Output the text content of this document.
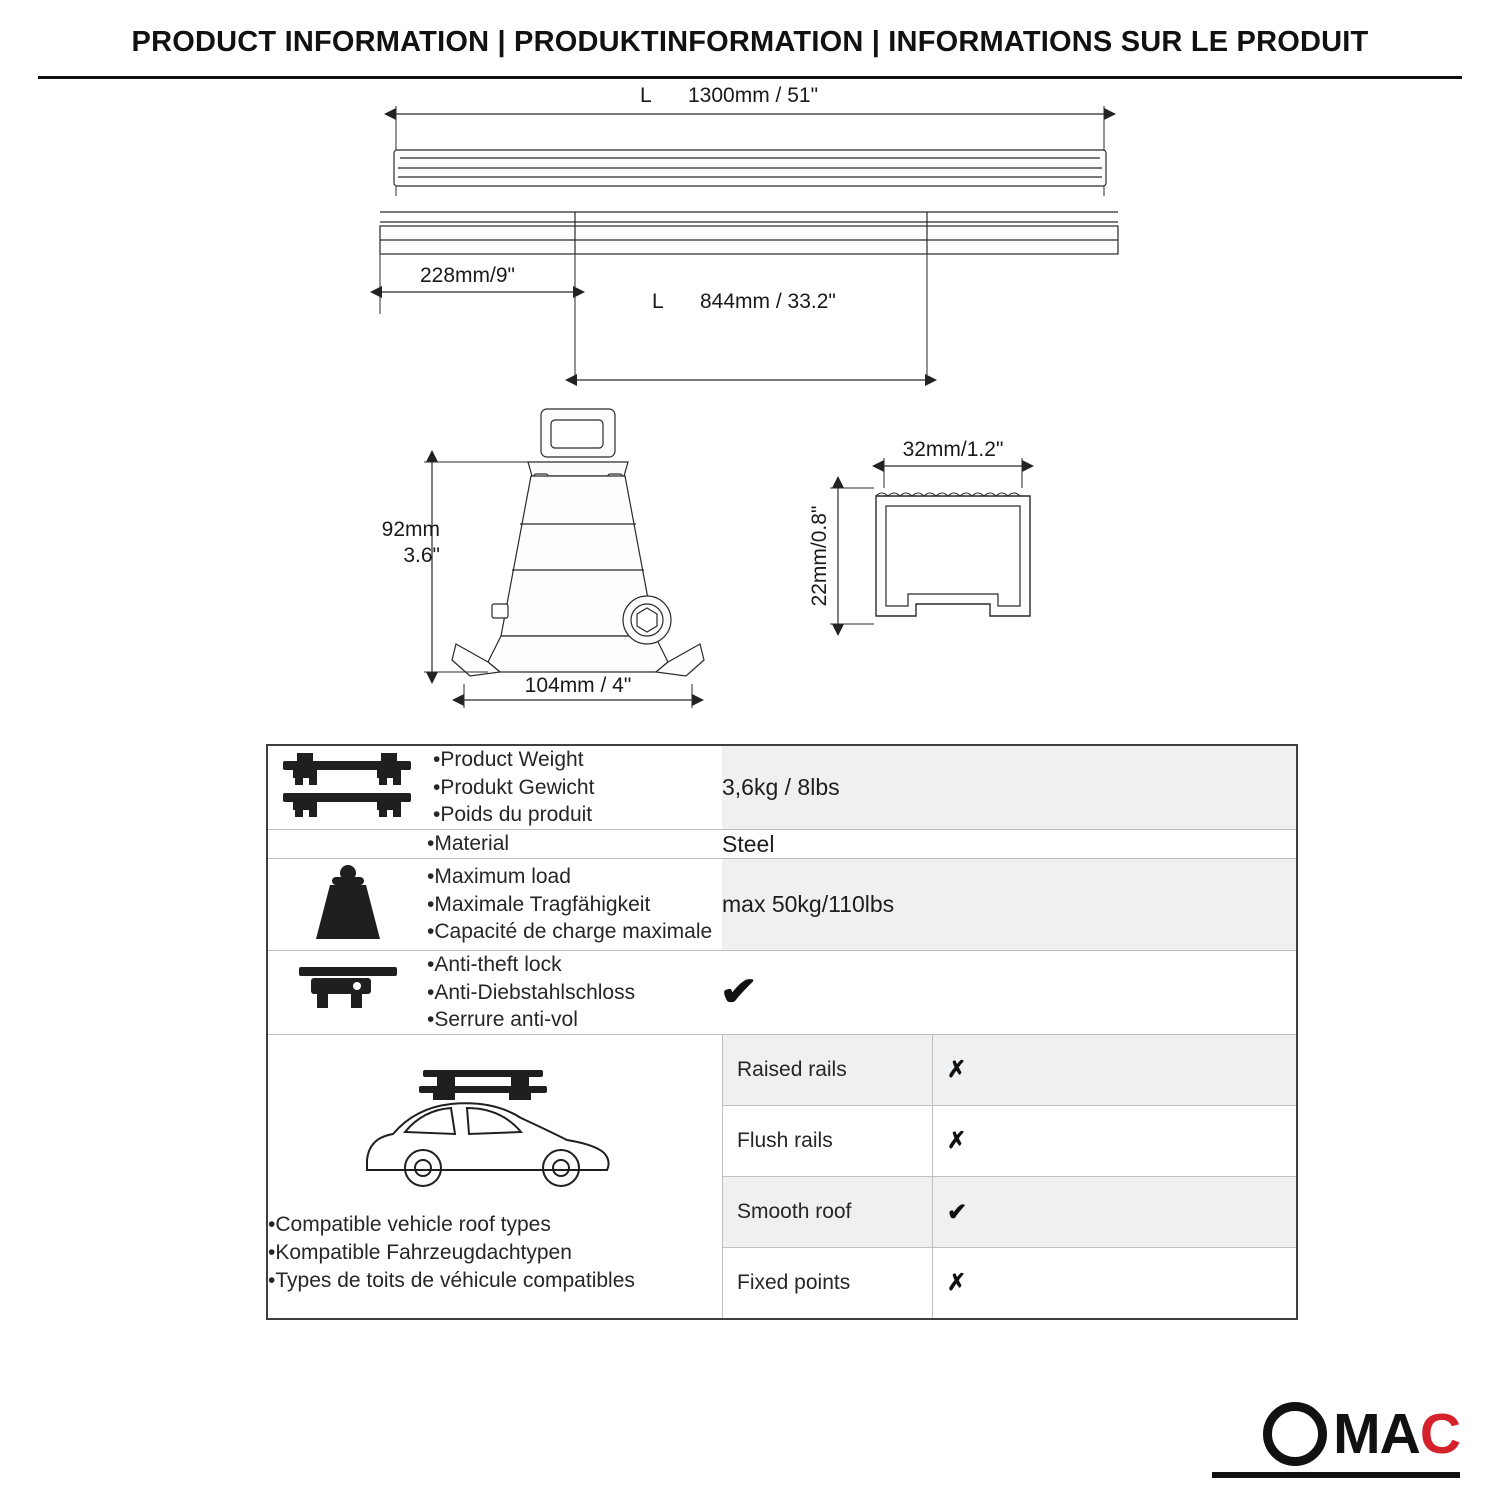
PRODUCT INFORMATION | PRODUKTINFORMATION | INFORMATIONS SUR LE PRODUIT
L 1300mm / 51"
228mm/9"
L 844mm / 33.2"
92mm
3.6"
104mm / 4"
32mm/1.2"
22mm/0.8"

•Product Weight
•Produkt Gewicht
•Poids du produit
	3,6kg / 8lbs

•Material	Steel

•Maximum load
•Maximale Tragfähigkeit
•Capacité de charge maximale
	max 50kg/110lbs

•Anti-theft lock
•Anti-Diebstahlschloss
•Serrure anti-vol
	✔

•Compatible vehicle roof types
•Kompatible Fahrzeugdachtypen
•Types de toits de véhicule compatibles

Raised rails	✗
Flush rails	✗
Smooth roof	✔
Fixed points	✗
MA C
